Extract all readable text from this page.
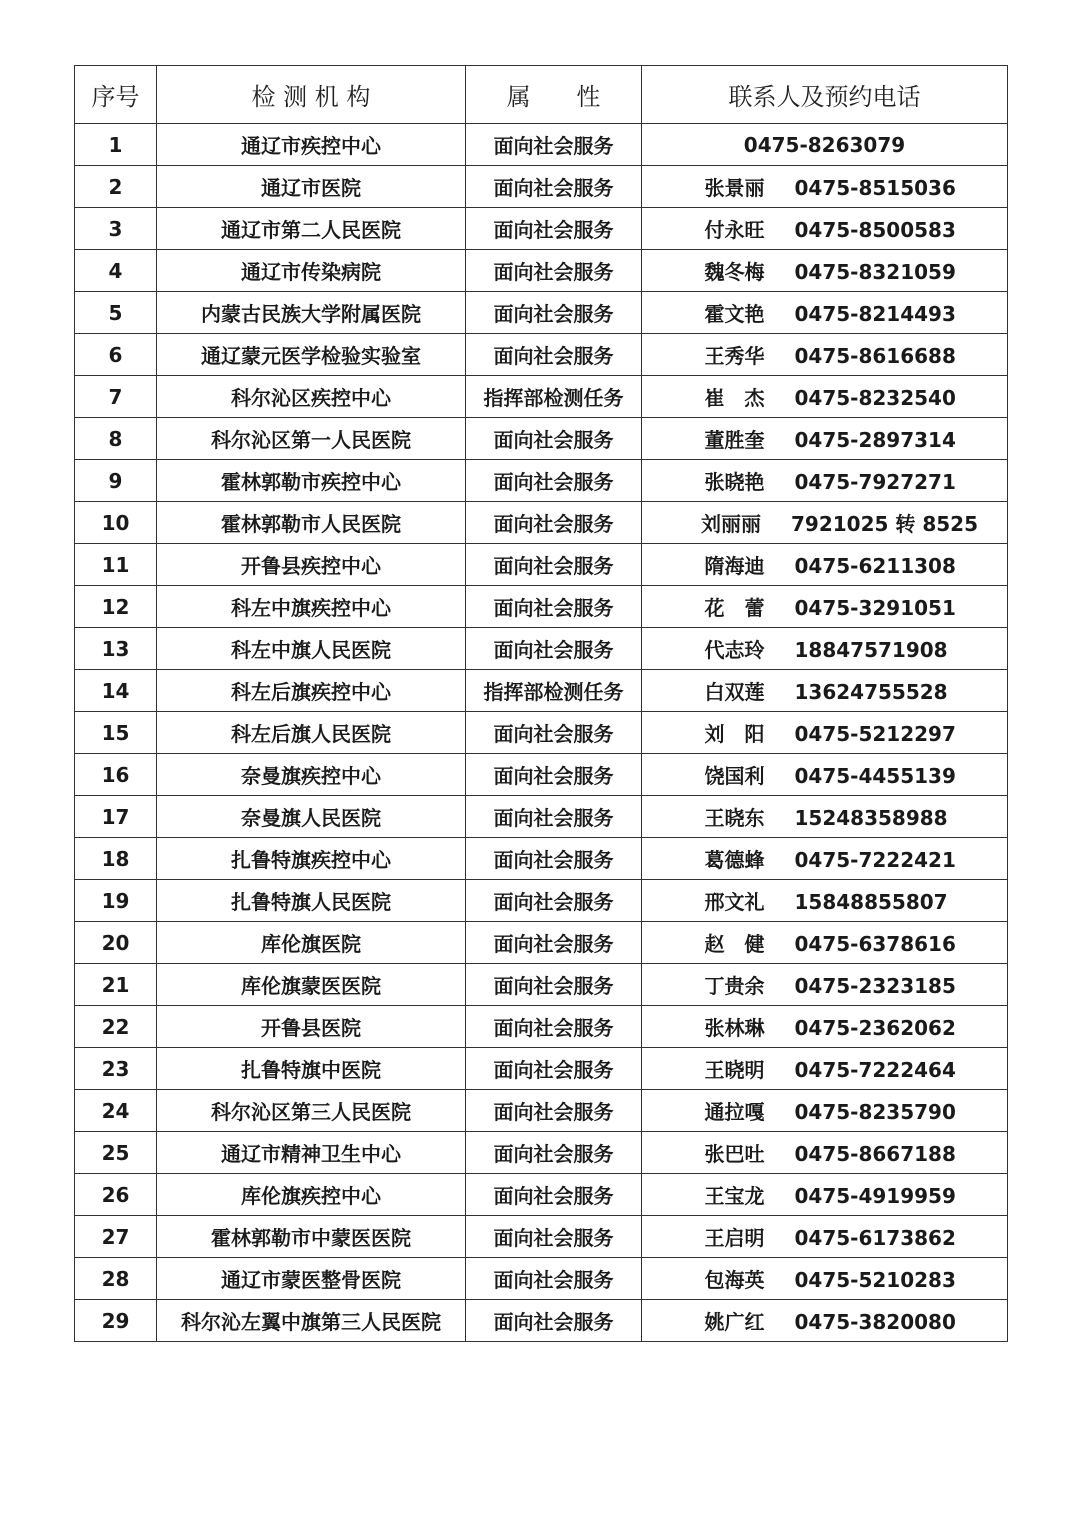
序号	检 测 机 构	属      性	联系人及预约电话
1	通辽市疾控中心	面向社会服务	0475-8263079
2	通辽市医院	面向社会服务	张景丽 0475-8515036
3	通辽市第二人民医院	面向社会服务	付永旺 0475-8500583
4	通辽市传染病院	面向社会服务	魏冬梅 0475-8321059
5	内蒙古民族大学附属医院	面向社会服务	霍文艳 0475-8214493
6	通辽蒙元医学检验实验室	面向社会服务	王秀华 0475-8616688
7	科尔沁区疾控中心	指挥部检测任务	崔　杰 0475-8232540
8	科尔沁区第一人民医院	面向社会服务	董胜奎 0475-2897314
9	霍林郭勒市疾控中心	面向社会服务	张晓艳 0475-7927271
10	霍林郭勒市人民医院	面向社会服务	刘丽丽 7921025 转 8525
11	开鲁县疾控中心	面向社会服务	隋海迪 0475-6211308
12	科左中旗疾控中心	面向社会服务	花　蕾 0475-3291051
13	科左中旗人民医院	面向社会服务	代志玲 18847571908
14	科左后旗疾控中心	指挥部检测任务	白双莲 13624755528
15	科左后旗人民医院	面向社会服务	刘　阳 0475-5212297
16	奈曼旗疾控中心	面向社会服务	饶国利 0475-4455139
17	奈曼旗人民医院	面向社会服务	王晓东 15248358988
18	扎鲁特旗疾控中心	面向社会服务	葛德蜂 0475-7222421
19	扎鲁特旗人民医院	面向社会服务	邢文礼 15848855807
20	库伦旗医院	面向社会服务	赵　健 0475-6378616
21	库伦旗蒙医医院	面向社会服务	丁贵余 0475-2323185
22	开鲁县医院	面向社会服务	张林琳 0475-2362062
23	扎鲁特旗中医院	面向社会服务	王晓明 0475-7222464
24	科尔沁区第三人民医院	面向社会服务	通拉嘎 0475-8235790
25	通辽市精神卫生中心	面向社会服务	张巴吐 0475-8667188
26	库伦旗疾控中心	面向社会服务	王宝龙 0475-4919959
27	霍林郭勒市中蒙医医院	面向社会服务	王启明 0475-6173862
28	通辽市蒙医整骨医院	面向社会服务	包海英 0475-5210283
29	科尔沁左翼中旗第三人民医院	面向社会服务	姚广红 0475-3820080
